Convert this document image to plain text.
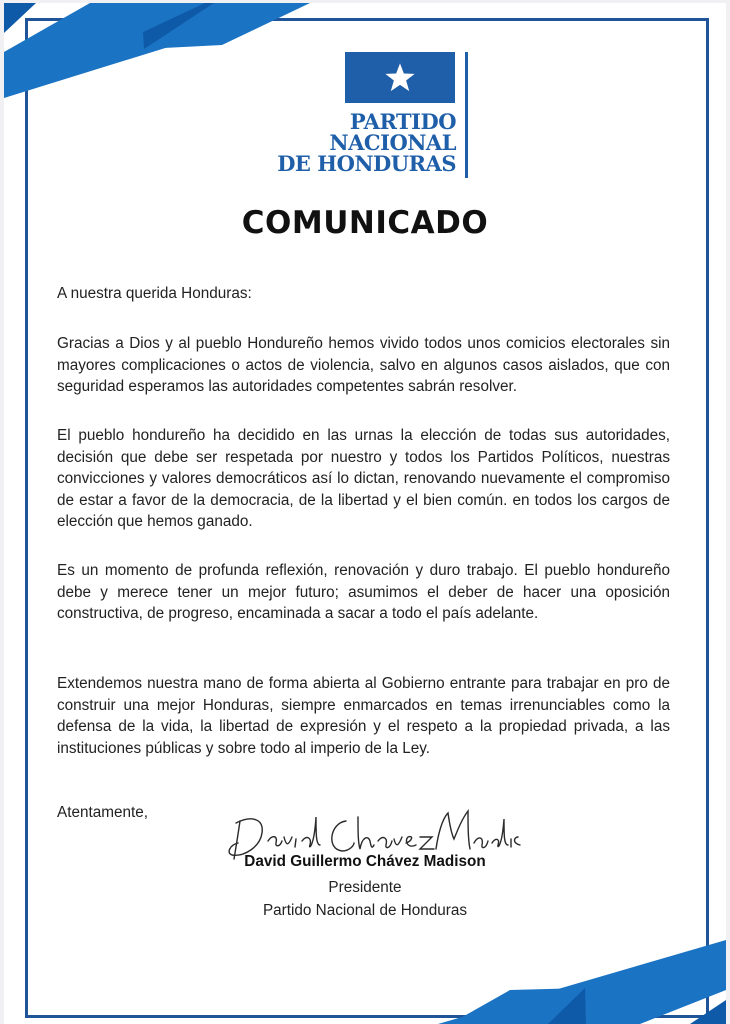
PARTIDO
NACIONAL
DE HONDURAS
COMUNICADO
A nuestra querida Honduras:
Gracias a Dios y al pueblo Hondureño hemos vivido todos unos comicios electorales sin mayores complicaciones o actos de violencia, salvo en algunos casos aislados, que con seguridad esperamos las autoridades competentes sabrán resolver.
El pueblo hondureño ha decidido en las urnas la elección de todas sus autoridades, decisión que debe ser respetada por nuestro y todos los Partidos Políticos, nuestras convicciones y valores democráticos así lo dictan, renovando nuevamente el compromiso de estar a favor de la democracia, de la libertad y el bien común. en todos los cargos de elección que hemos ganado.
Es un momento de profunda reflexión, renovación y duro trabajo. El pueblo hondureño debe y merece tener un mejor futuro; asumimos el deber de hacer una oposición constructiva, de progreso, encaminada a sacar a todo el país adelante.
Extendemos nuestra mano de forma abierta al Gobierno entrante para trabajar en pro de construir una mejor Honduras, siempre enmarcados en temas irrenunciables como la defensa de la vida, la libertad de expresión y el respeto a la propiedad privada, a las instituciones públicas y sobre todo al imperio de la Ley.
Atentamente,
David Guillermo Chávez Madison
Presidente
Partido Nacional de Honduras
